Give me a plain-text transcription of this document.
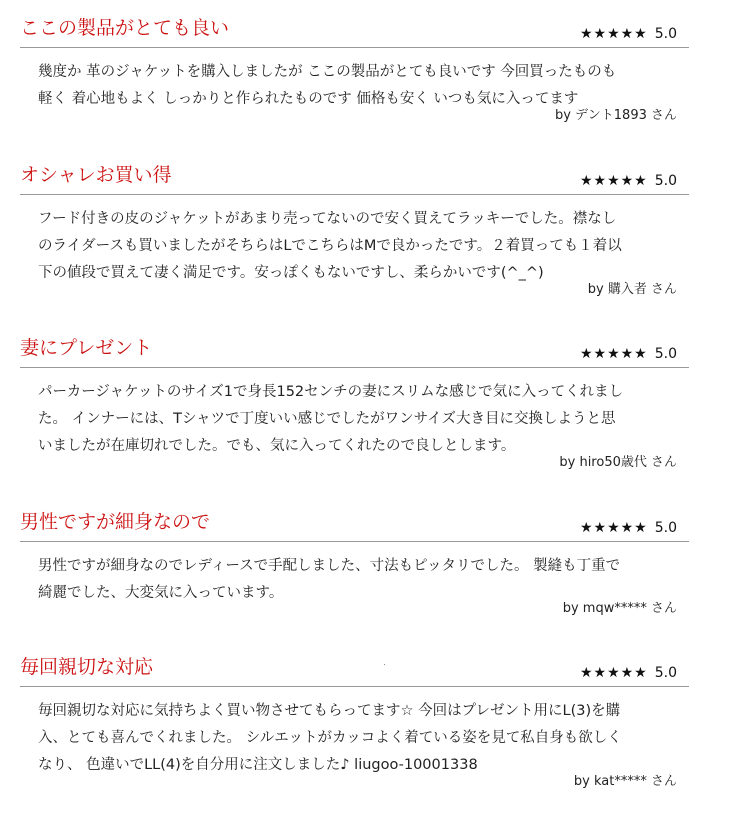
ここの製品がとても良い	★★★★★ 5.0
幾度か 革のジャケットを購入しましたが ここの製品がとても良いです 今回買ったものも
軽く 着心地もよく しっかりと作られたものです 価格も安く いつも気に入ってます
by デント1893 さん
オシャレお買い得	★★★★★ 5.0
フード付きの皮のジャケットがあまり売ってないので安く買えてラッキーでした。襟なし
のライダースも買いましたがそちらはLでこちらはMで良かったです。２着買っても１着以
下の値段で買えて凄く満足です。安っぽくもないですし、柔らかいです(^_^)
by 購入者 さん
妻にプレゼント	★★★★★ 5.0
パーカージャケットのサイズ1で身長152センチの妻にスリムな感じで気に入ってくれまし
た。 インナーには、Tシャツで丁度いい感じでしたがワンサイズ大き目に交換しようと思
いましたが在庫切れでした。でも、気に入ってくれたので良しとします。
by hiro50歳代 さん
男性ですが細身なので	★★★★★ 5.0
男性ですが細身なのでレディースで手配しました、寸法もピッタリでした。 製縫も丁重で
綺麗でした、大変気に入っています。
by mqw***** さん
毎回親切な対応	★★★★★ 5.0
毎回親切な対応に気持ちよく買い物させてもらってます☆ 今回はプレゼント用にL(3)を購
入、とても喜んでくれました。 シルエットがカッコよく着ている姿を見て私自身も欲しく
なり、 色違いでLL(4)を自分用に注文しました♪ liugoo-10001338
by kat***** さん
